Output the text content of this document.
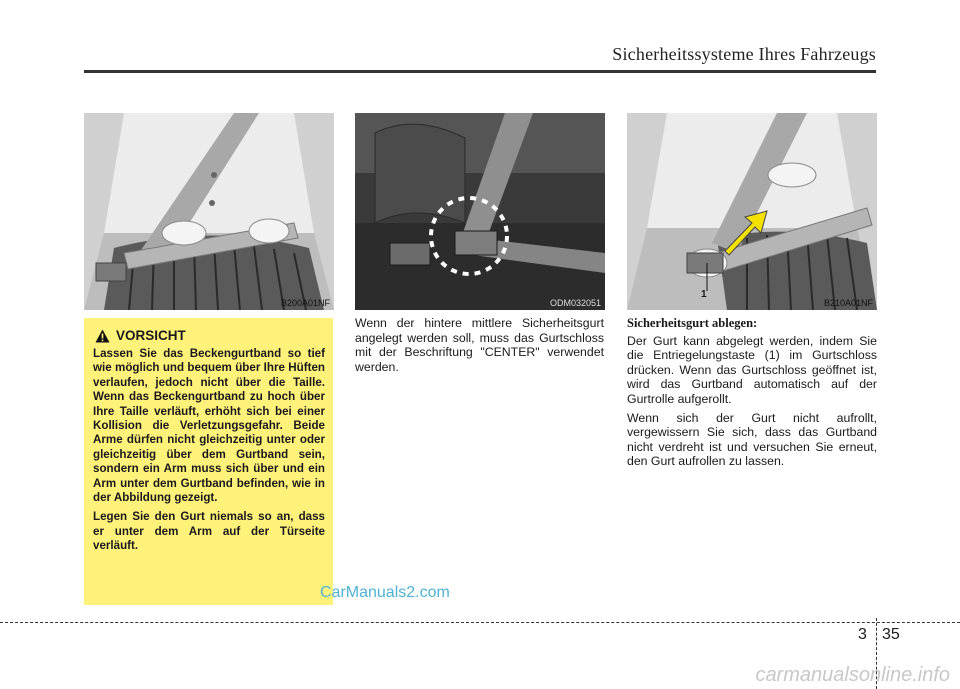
Sicherheitssysteme Ihres Fahrzeugs
B200A01NF	ODM032051
1
B210A01NF
VORSICHT

Lassen Sie das Beckengurtband so tief wie möglich und bequem über Ihre Hüften verlaufen, jedoch nicht über die Taille. Wenn das Beckengurtband zu hoch über Ihre Taille verläuft, erhöht sich bei einer Kollision die Verletzungsgefahr. Beide Arme dürfen nicht gleichzeitig unter oder gleichzeitig über dem Gurtband sein, sondern ein Arm muss sich über und ein Arm unter dem Gurtband befinden, wie in der Abbildung gezeigt.

Legen Sie den Gurt niemals so an, dass er unter dem Arm auf der Türseite verläuft.

Wenn der hintere mittlere Sicherheitsgurt angelegt werden soll, muss das Gurtschloss mit der Beschriftung "CENTER" verwendet werden.

Sicherheitsgurt ablegen:

Der Gurt kann abgelegt werden, indem Sie die Entriegelungstaste (1) im Gurtschloss drücken. Wenn das Gurtschloss geöffnet ist, wird das Gurtband automatisch auf der Gurtrolle aufgerollt.

Wenn sich der Gurt nicht aufrollt, vergewissern Sie sich, dass das Gurtband nicht verdreht ist und versuchen Sie erneut, den Gurt aufrollen zu lassen.

CarManuals2.com
3 35
carmanualsonline.info
